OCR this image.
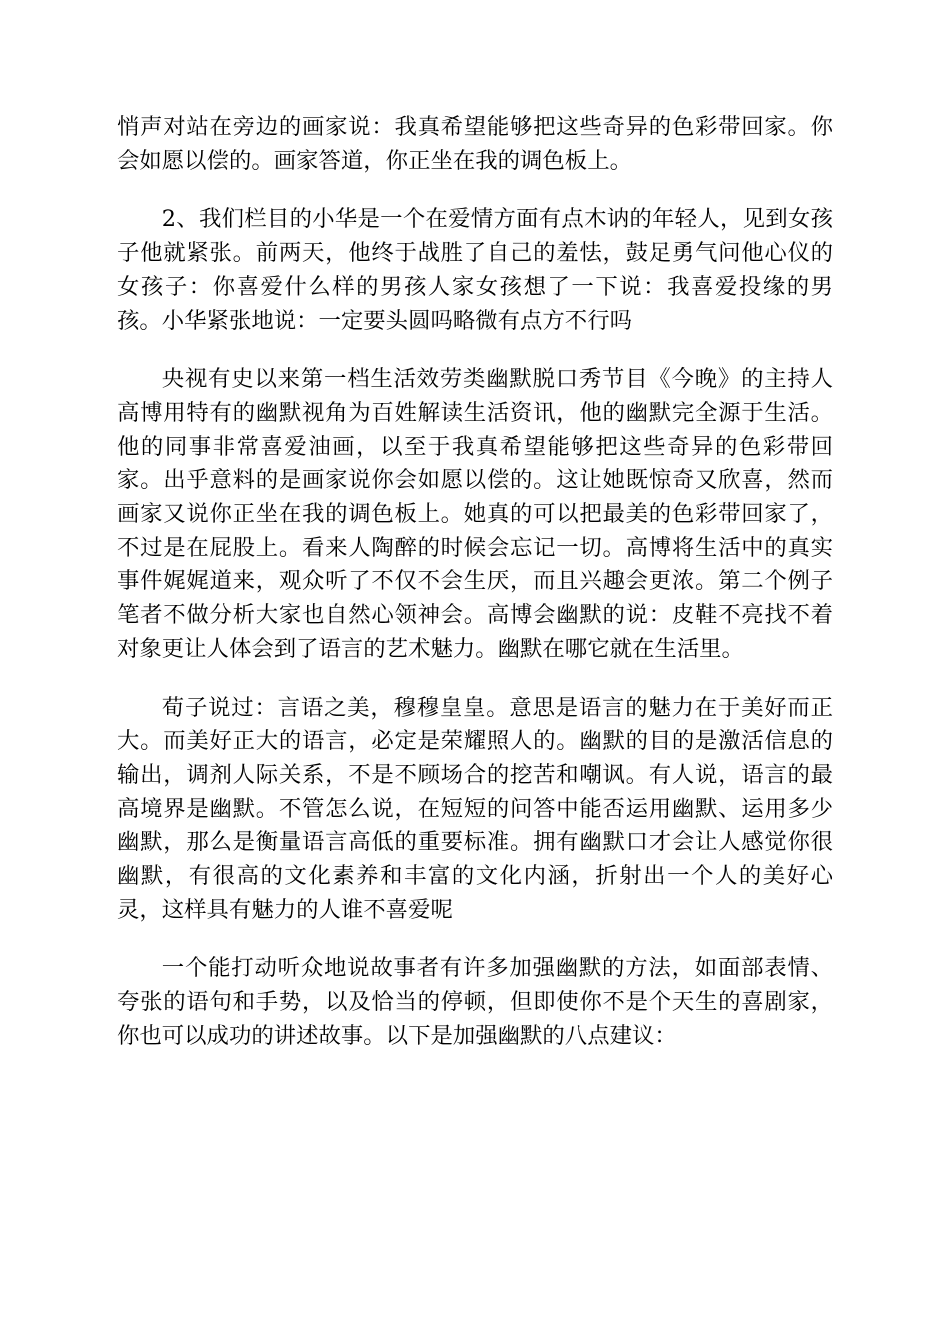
悄声对站在旁边的画家说：我真希望能够把这些奇异的色彩带回家。你会如愿以偿的。画家答道，你正坐在我的调色板上。

2、我们栏目的小华是一个在爱情方面有点木讷的年轻人，见到女孩子他就紧张。前两天，他终于战胜了自己的羞怯，鼓足勇气问他心仪的女孩子：你喜爱什么样的男孩人家女孩想了一下说：我喜爱投缘的男孩。小华紧张地说：一定要头圆吗略微有点方不行吗

央视有史以来第一档生活效劳类幽默脱口秀节目《今晚》的主持人高博用特有的幽默视角为百姓解读生活资讯，他的幽默完全源于生活。他的同事非常喜爱油画，以至于我真希望能够把这些奇异的色彩带回家。出乎意料的是画家说你会如愿以偿的。这让她既惊奇又欣喜，然而画家又说你正坐在我的调色板上。她真的可以把最美的色彩带回家了，不过是在屁股上。看来人陶醉的时候会忘记一切。高博将生活中的真实事件娓娓道来，观众听了不仅不会生厌，而且兴趣会更浓。第二个例子笔者不做分析大家也自然心领神会。高博会幽默的说：皮鞋不亮找不着对象更让人体会到了语言的艺术魅力。幽默在哪它就在生活里。

荀子说过：言语之美，穆穆皇皇。意思是语言的魅力在于美好而正大。而美好正大的语言，必定是荣耀照人的。幽默的目的是激活信息的输出，调剂人际关系，不是不顾场合的挖苦和嘲讽。有人说，语言的最高境界是幽默。不管怎么说，在短短的问答中能否运用幽默、运用多少幽默，那么是衡量语言高低的重要标准。拥有幽默口才会让人感觉你很幽默，有很高的文化素养和丰富的文化内涵，折射出一个人的美好心灵，这样具有魅力的人谁不喜爱呢

一个能打动听众地说故事者有许多加强幽默的方法，如面部表情、夸张的语句和手势，以及恰当的停顿，但即使你不是个天生的喜剧家，你也可以成功的讲述故事。以下是加强幽默的八点建议：
